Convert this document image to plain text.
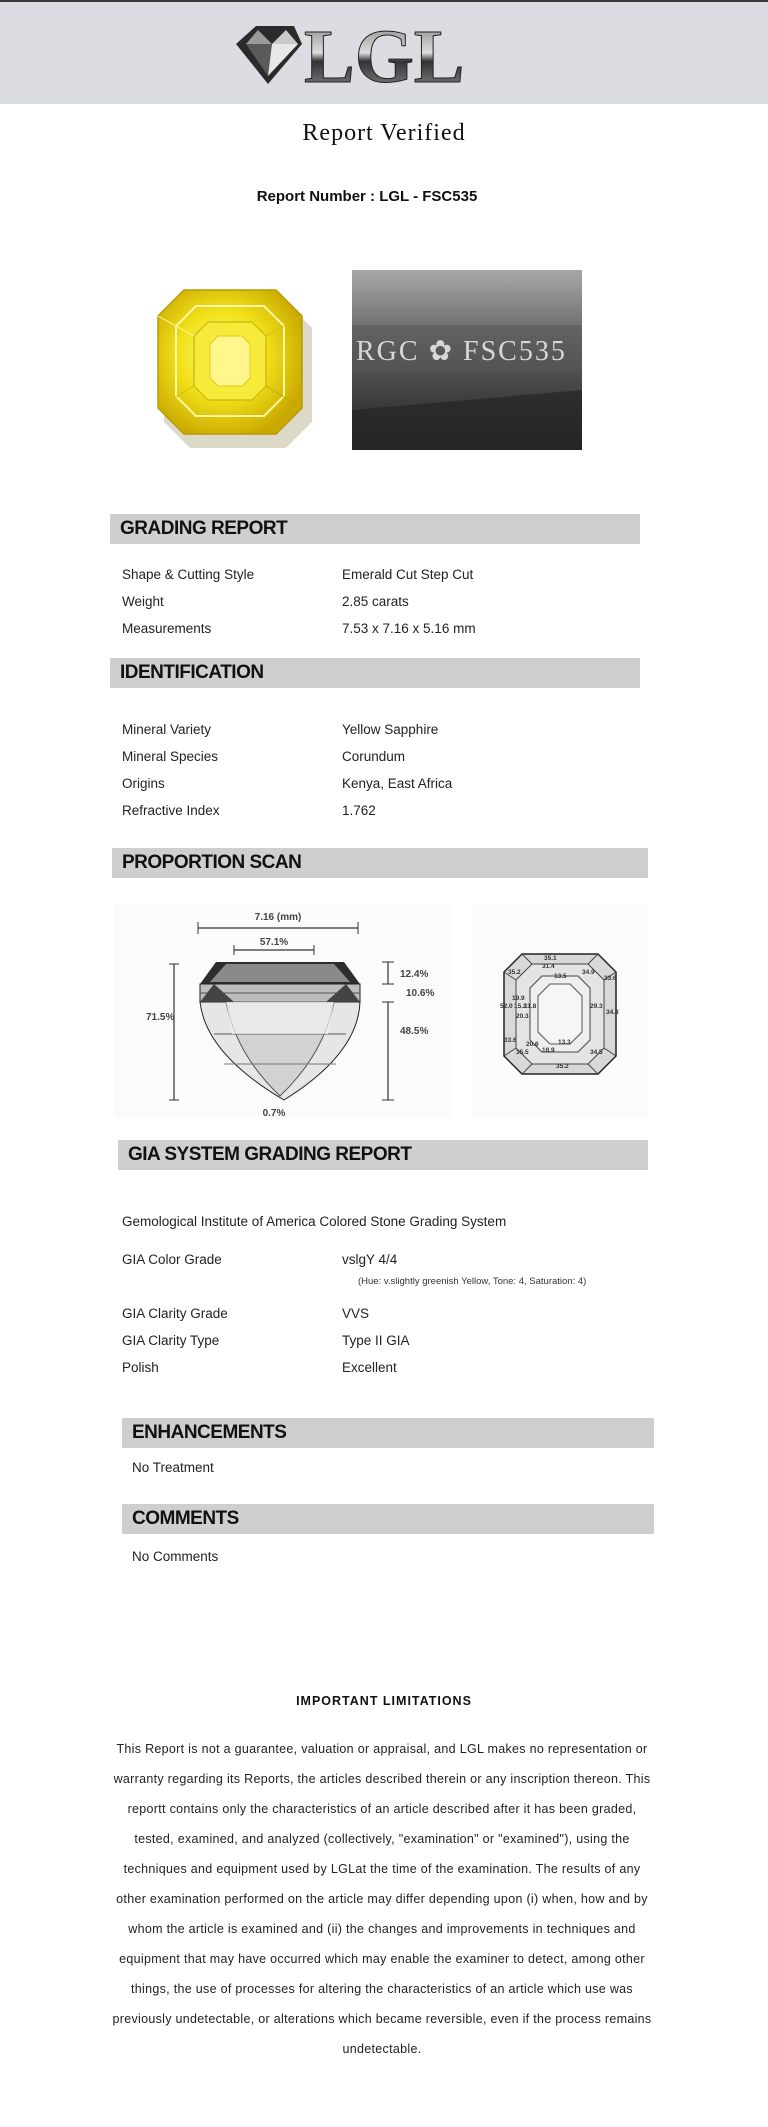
LGL
Report Verified
Report Number : LGL - FSC535
RGC ✿ FSC535
GRADING REPORT
IDENTIFICATION
PROPORTION SCAN
7.16 (mm)
57.1%
71.5%
12.4%
10.6%
48.5%
0.7%
35.1
31.4
35.2	34.9
13.5	33.6
19.9
52.0 15.2
11.8	29.3
34.8
20.3
33.6
20.6	13.3
18.9
35.5	34.5
35.2
GIA SYSTEM GRADING REPORT
Gemological Institute of America Colored Stone Grading System
GIA Color Grade	vslgY 4/4
(Hue: v.slightly greenish Yellow, Tone: 4, Saturation: 4)
ENHANCEMENTS
No Treatment
COMMENTS
No Comments
IMPORTANT LIMITATIONS
This Report is not a guarantee, valuation or appraisal, and LGL makes no representation or warranty regarding its Reports, the articles described therein or any inscription thereon. This reportt contains only the characteristics of an article described after it has been graded, tested, examined, and analyzed (collectively, "examination" or "examined"), using the techniques and equipment used by LGLat the time of the examination. The results of any other examination performed on the article may differ depending upon (i) when, how and by whom the article is examined and (ii) the changes and improvements in techniques and equipment that may have occurred which may enable the examiner to detect, among other things, the use of processes for altering the characteristics of an article which use was previously undetectable, or alterations which became reversible, even if the process remains undetectable.
Shape & Cutting Style	Emerald Cut Step Cut
Weight	2.85 carats
Measurements	7.53 x 7.16 x 5.16 mm
Mineral Variety	Yellow Sapphire
Mineral Species	Corundum
Origins	Kenya, East Africa
Refractive Index	1.762
GIA Clarity Grade	VVS
GIA Clarity Type	Type II GIA
Polish	Excellent
